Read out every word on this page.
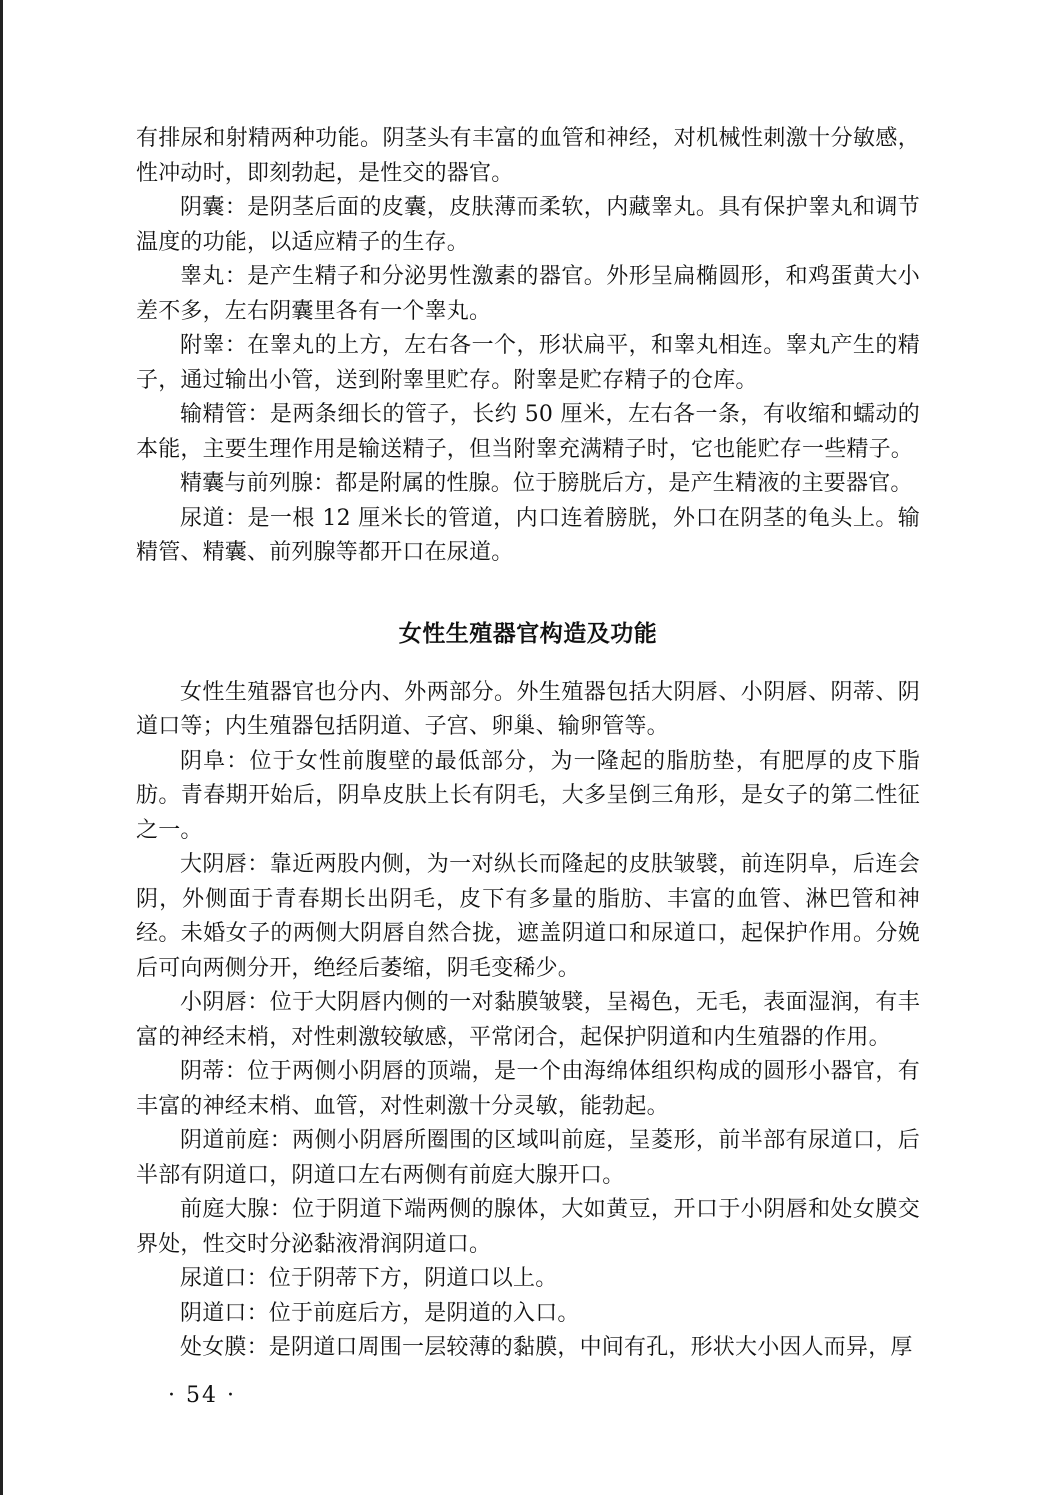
有排尿和射精两种功能。阴茎头有丰富的血管和神经，对机械性刺激十分敏感，性冲动时，即刻勃起，是性交的器官。

阴囊：是阴茎后面的皮囊，皮肤薄而柔软，内藏睾丸。具有保护睾丸和调节温度的功能，以适应精子的生存。

睾丸：是产生精子和分泌男性激素的器官。外形呈扁椭圆形，和鸡蛋黄大小差不多，左右阴囊里各有一个睾丸。

附睾：在睾丸的上方，左右各一个，形状扁平，和睾丸相连。睾丸产生的精子，通过输出小管，送到附睾里贮存。附睾是贮存精子的仓库。

输精管：是两条细长的管子，长约 50 厘米，左右各一条，有收缩和蠕动的本能，主要生理作用是输送精子，但当附睾充满精子时，它也能贮存一些精子。

精囊与前列腺：都是附属的性腺。位于膀胱后方，是产生精液的主要器官。

尿道：是一根 12 厘米长的管道，内口连着膀胱，外口在阴茎的龟头上。输精管、精囊、前列腺等都开口在尿道。

女性生殖器官构造及功能

女性生殖器官也分内、外两部分。外生殖器包括大阴唇、小阴唇、阴蒂、阴道口等；内生殖器包括阴道、子宫、卵巢、输卵管等。

阴阜：位于女性前腹壁的最低部分，为一隆起的脂肪垫，有肥厚的皮下脂肪。青春期开始后，阴阜皮肤上长有阴毛，大多呈倒三角形，是女子的第二性征之一。

大阴唇：靠近两股内侧，为一对纵长而隆起的皮肤皱襞，前连阴阜，后连会阴，外侧面于青春期长出阴毛，皮下有多量的脂肪、丰富的血管、淋巴管和神经。未婚女子的两侧大阴唇自然合拢，遮盖阴道口和尿道口，起保护作用。分娩后可向两侧分开，绝经后萎缩，阴毛变稀少。

小阴唇：位于大阴唇内侧的一对黏膜皱襞，呈褐色，无毛，表面湿润，有丰富的神经末梢，对性刺激较敏感，平常闭合，起保护阴道和内生殖器的作用。

阴蒂：位于两侧小阴唇的顶端，是一个由海绵体组织构成的圆形小器官，有丰富的神经末梢、血管，对性刺激十分灵敏，能勃起。

阴道前庭：两侧小阴唇所圈围的区域叫前庭，呈菱形，前半部有尿道口，后半部有阴道口，阴道口左右两侧有前庭大腺开口。

前庭大腺：位于阴道下端两侧的腺体，大如黄豆，开口于小阴唇和处女膜交界处，性交时分泌黏液滑润阴道口。

尿道口：位于阴蒂下方，阴道口以上。

阴道口：位于前庭后方，是阴道的入口。

处女膜：是阴道口周围一层较薄的黏膜，中间有孔，形状大小因人而异，厚

· 54 ·
